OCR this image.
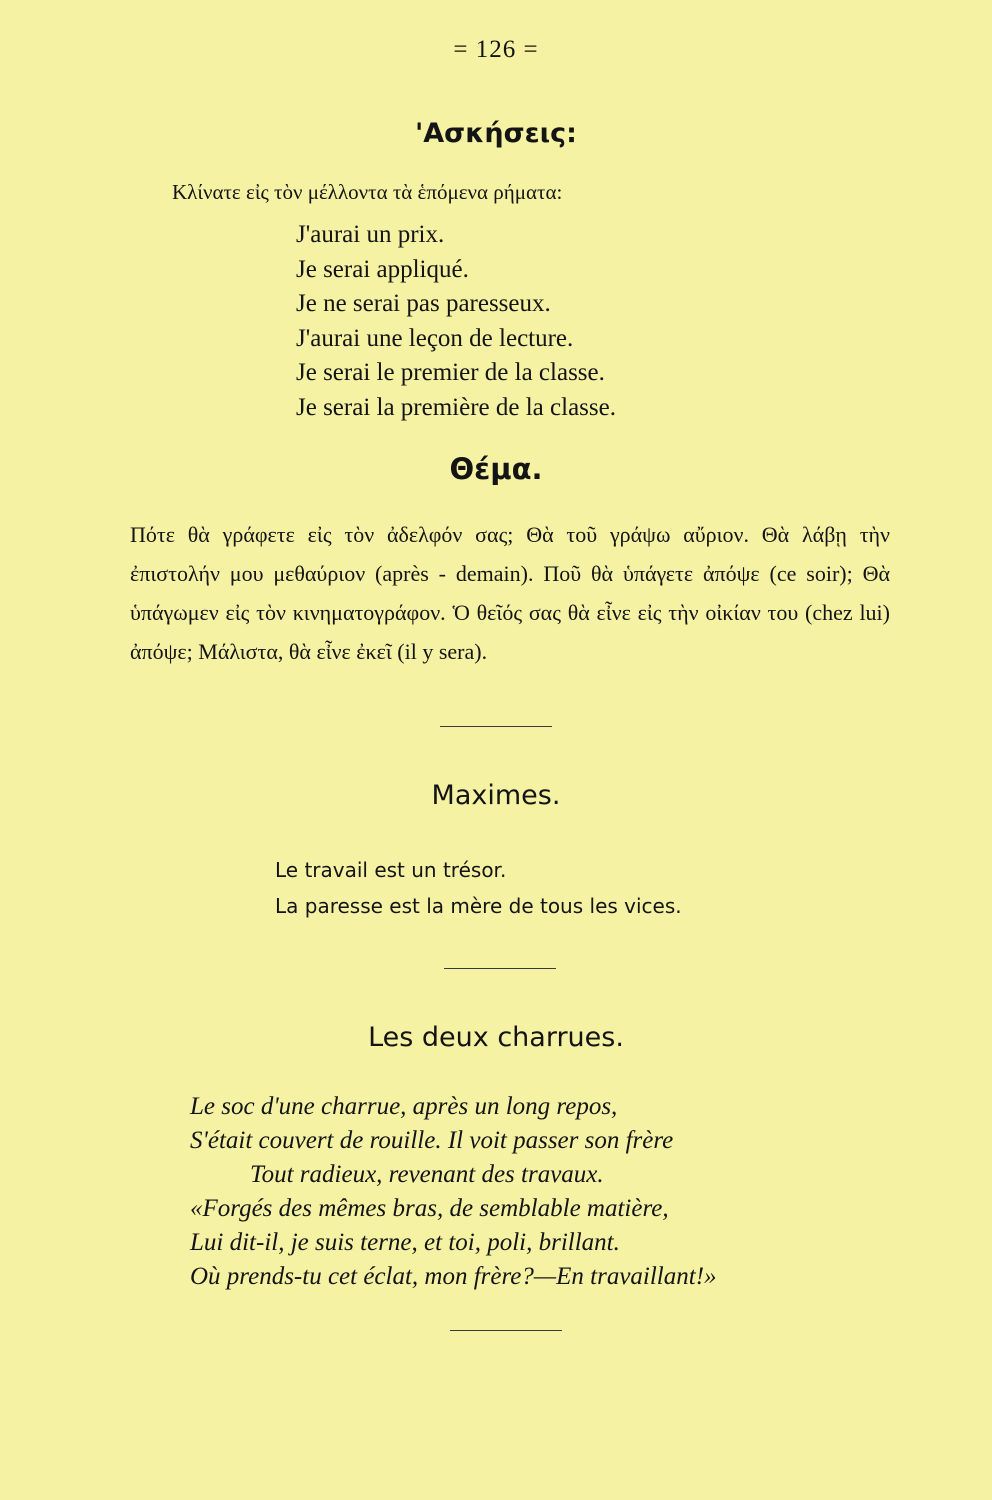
= 126 =
'Ασκήσεις:
Κλίνατε εἰς τὸν μέλλοντα τὰ ἑπόμενα ρήματα:
J'aurai un prix.
Je serai appliqué.
Je ne serai pas paresseux.
J'aurai une leçon de lecture.
Je serai le premier de la classe.
Je serai la première de la classe.
Θέμα.

Πότε θὰ γράφετε εἰς τὸν ἀδελφόν σας; Θὰ τοῦ γράψω αὔριον. Θὰ λάβῃ τὴν ἐπιστολήν μου μεθαύριον (après - demain). Ποῦ θὰ ὑπάγετε ἀπόψε (ce soir); Θὰ ὑπάγωμεν εἰς τὸν κινηματογράφον. Ὁ θεῖός σας θὰ εἶνε εἰς τὴν οἰκίαν του (chez lui) ἀπόψε; Μάλιστα, θὰ εἶνε ἐκεῖ (il y sera).

Maximes.
Le travail est un trésor.
La paresse est la mère de tous les vices.
Les deux charrues.
Le soc d'une charrue, après un long repos,
S'était couvert de rouille. Il voit passer son frère
Tout radieux, revenant des travaux.
«Forgés des mêmes bras, de semblable matière,
Lui dit-il, je suis terne, et toi, poli, brillant.
Où prends-tu cet éclat, mon frère?—En travaillant!»
